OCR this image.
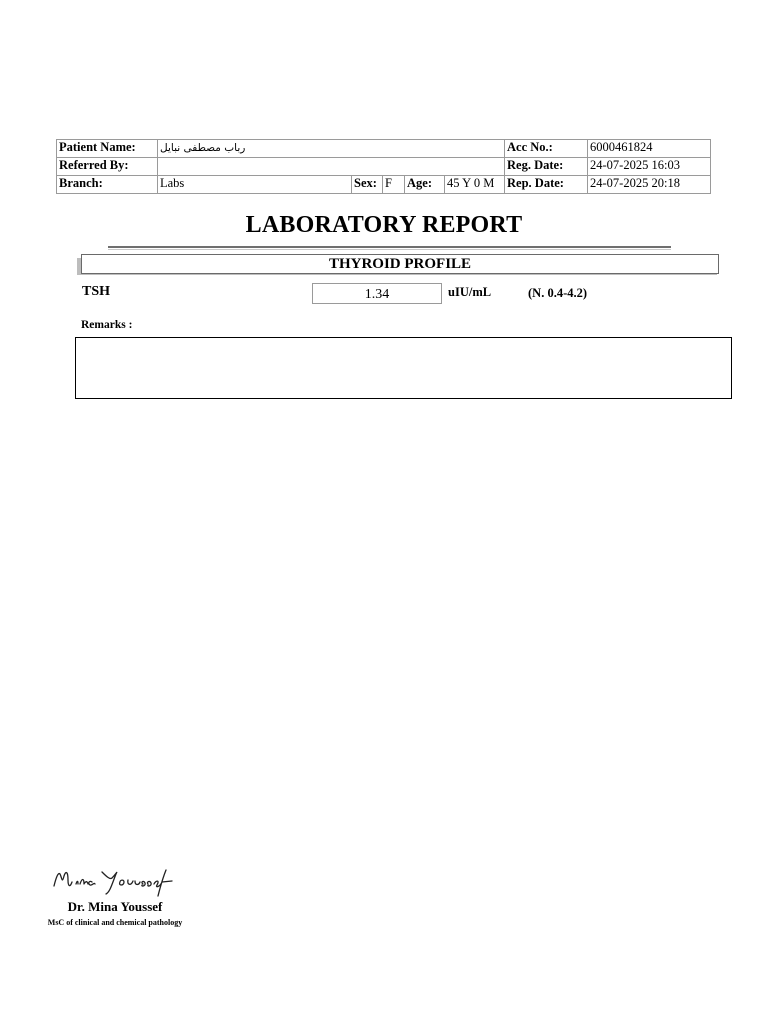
Patient Name:	رباب مصطفى نبايل					Acc No.:	6000461824
Referred By:						Reg. Date:	24-07-2025 16:03
Branch:	Labs	Sex:	F	Age:	45 Y 0 M	Rep. Date:	24-07-2025 20:18
LABORATORY REPORT
THYROID PROFILE
TSH	1.34	uIU/mL	(N. 0.4-4.2)
Remarks :
Dr. Mina Youssef
MsC of clinical and chemical pathology
